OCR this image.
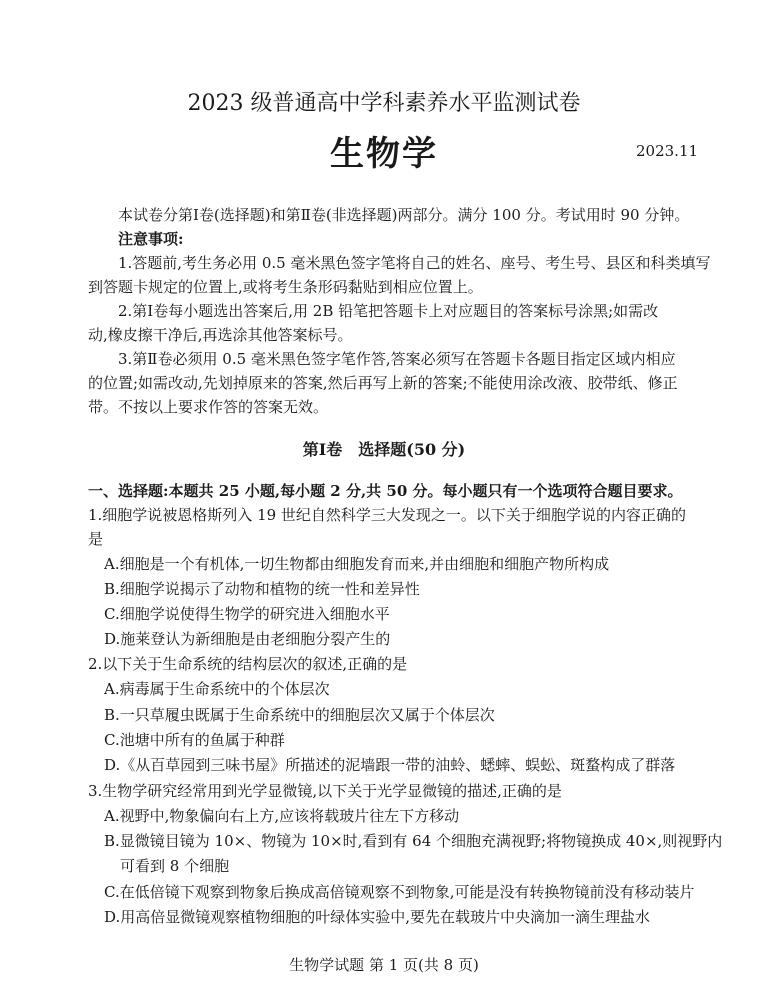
2023 级普通高中学科素养水平监测试卷
生物学	2023.11
本试卷分第Ⅰ卷(选择题)和第Ⅱ卷(非选择题)两部分。满分 100 分。考试用时 90 分钟。
注意事项:
1.答题前,考生务必用 0.5 毫米黑色签字笔将自己的姓名、座号、考生号、县区和科类填写
到答题卡规定的位置上,或将考生条形码黏贴到相应位置上。
2.第Ⅰ卷每小题选出答案后,用 2B 铅笔把答题卡上对应题目的答案标号涂黑;如需改
动,橡皮擦干净后,再选涂其他答案标号。
3.第Ⅱ卷必须用 0.5 毫米黑色签字笔作答,答案必须写在答题卡各题目指定区域内相应
的位置;如需改动,先划掉原来的答案,然后再写上新的答案;不能使用涂改液、胶带纸、修正
带。不按以上要求作答的答案无效。
第Ⅰ卷　选择题(50 分)
一、选择题:本题共 25 小题,每小题 2 分,共 50 分。每小题只有一个选项符合题目要求。
1.细胞学说被恩格斯列入 19 世纪自然科学三大发现之一。以下关于细胞学说的内容正确的
是
A.细胞是一个有机体,一切生物都由细胞发育而来,并由细胞和细胞产物所构成
B.细胞学说揭示了动物和植物的统一性和差异性
C.细胞学说使得生物学的研究进入细胞水平
D.施莱登认为新细胞是由老细胞分裂产生的
2.以下关于生命系统的结构层次的叙述,正确的是
A.病毒属于生命系统中的个体层次
B.一只草履虫既属于生命系统中的细胞层次又属于个体层次
C.池塘中所有的鱼属于种群
D.《从百草园到三味书屋》所描述的泥墙跟一带的油蛉、蟋蟀、蜈蚣、斑蝥构成了群落
3.生物学研究经常用到光学显微镜,以下关于光学显微镜的描述,正确的是
A.视野中,物象偏向右上方,应该将载玻片往左下方移动
B.显微镜目镜为 10×、物镜为 10×时,看到有 64 个细胞充满视野;将物镜换成 40×,则视野内
可看到 8 个细胞
C.在低倍镜下观察到物象后换成高倍镜观察不到物象,可能是没有转换物镜前没有移动装片
D.用高倍显微镜观察植物细胞的叶绿体实验中,要先在载玻片中央滴加一滴生理盐水
生物学试题 第 1 页(共 8 页)
